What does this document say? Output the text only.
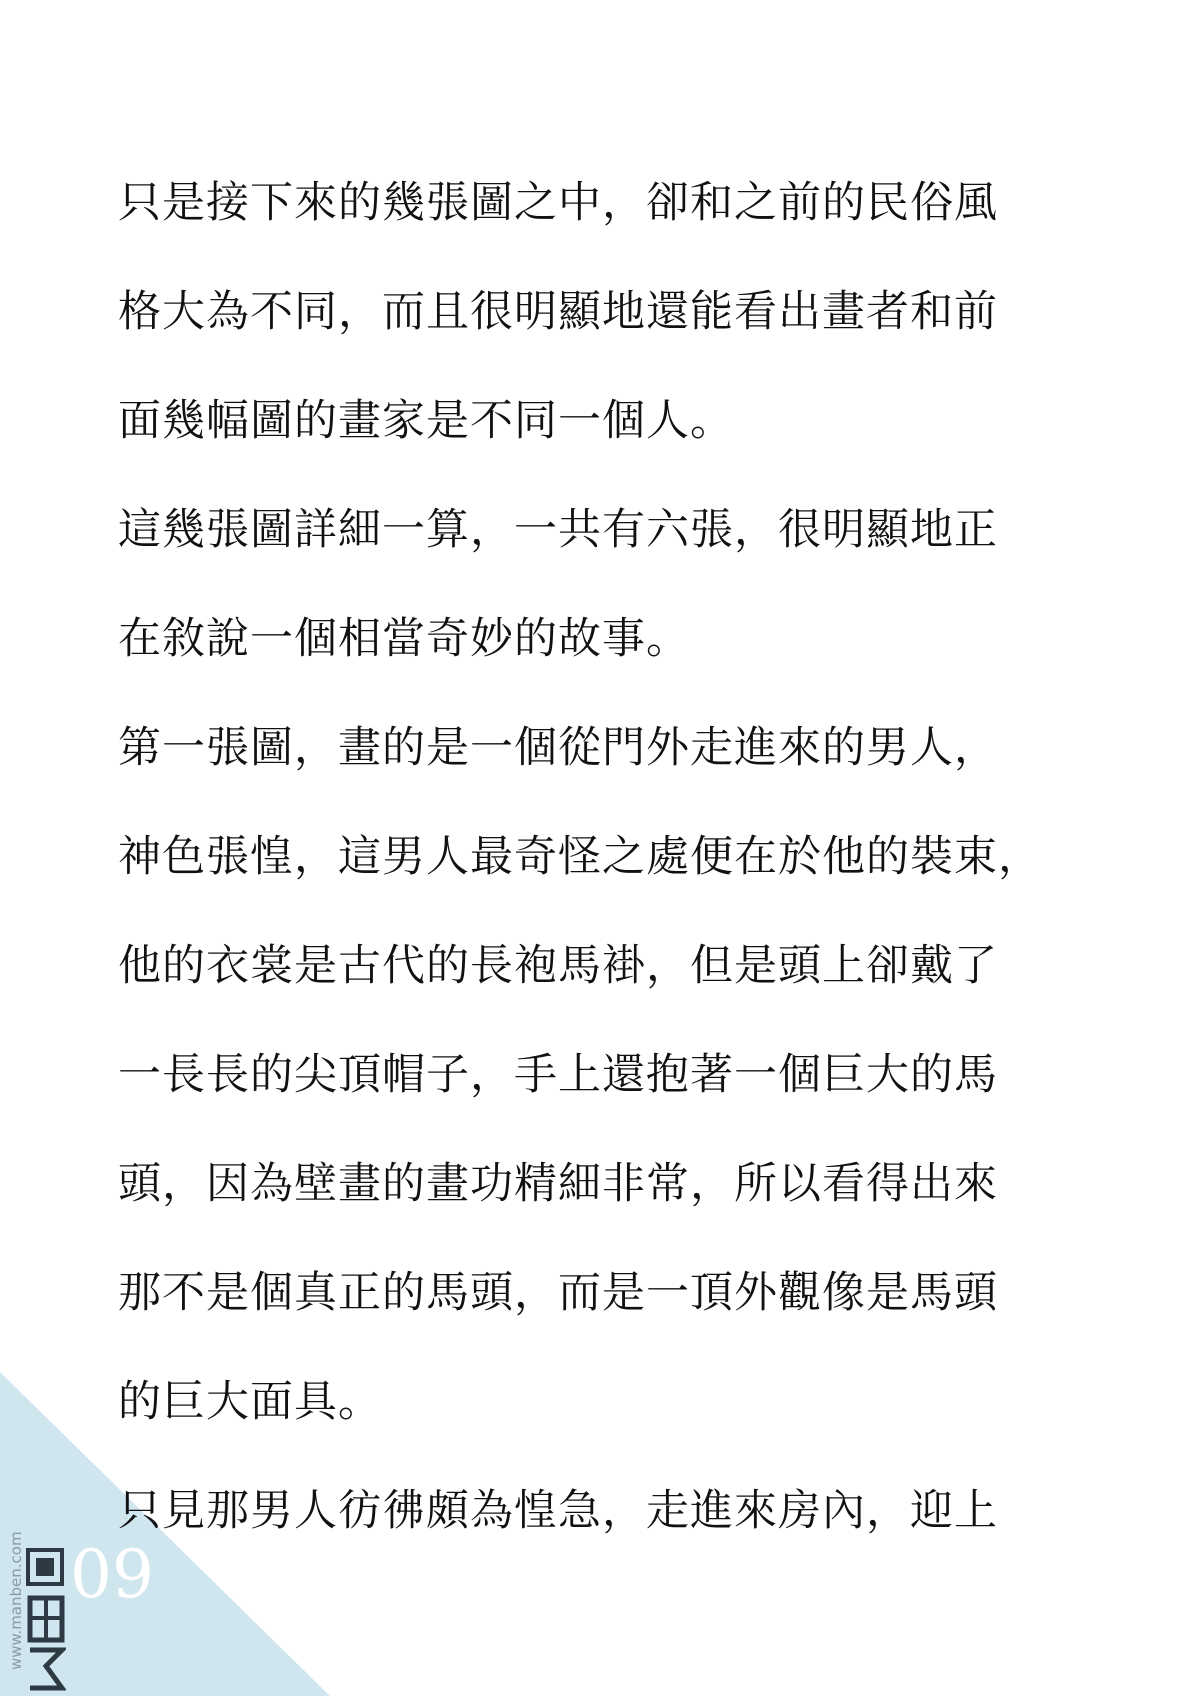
只是接下來的幾張圖之中，卻和之前的民俗風
格大為不同，而且很明顯地還能看出畫者和前
面幾幅圖的畫家是不同一個人。
這幾張圖詳細一算，一共有六張，很明顯地正
在敘說一個相當奇妙的故事。
第一張圖，畫的是一個從門外走進來的男人，
神色張惶，這男人最奇怪之處便在於他的裝束，
他的衣裳是古代的長袍馬褂，但是頭上卻戴了
一長長的尖頂帽子，手上還抱著一個巨大的馬
頭，因為壁畫的畫功精細非常，所以看得出來
那不是個真正的馬頭，而是一頂外觀像是馬頭
的巨大面具。
只見那男人彷彿頗為惶急，走進來房內，迎上
09
www.manben.com
